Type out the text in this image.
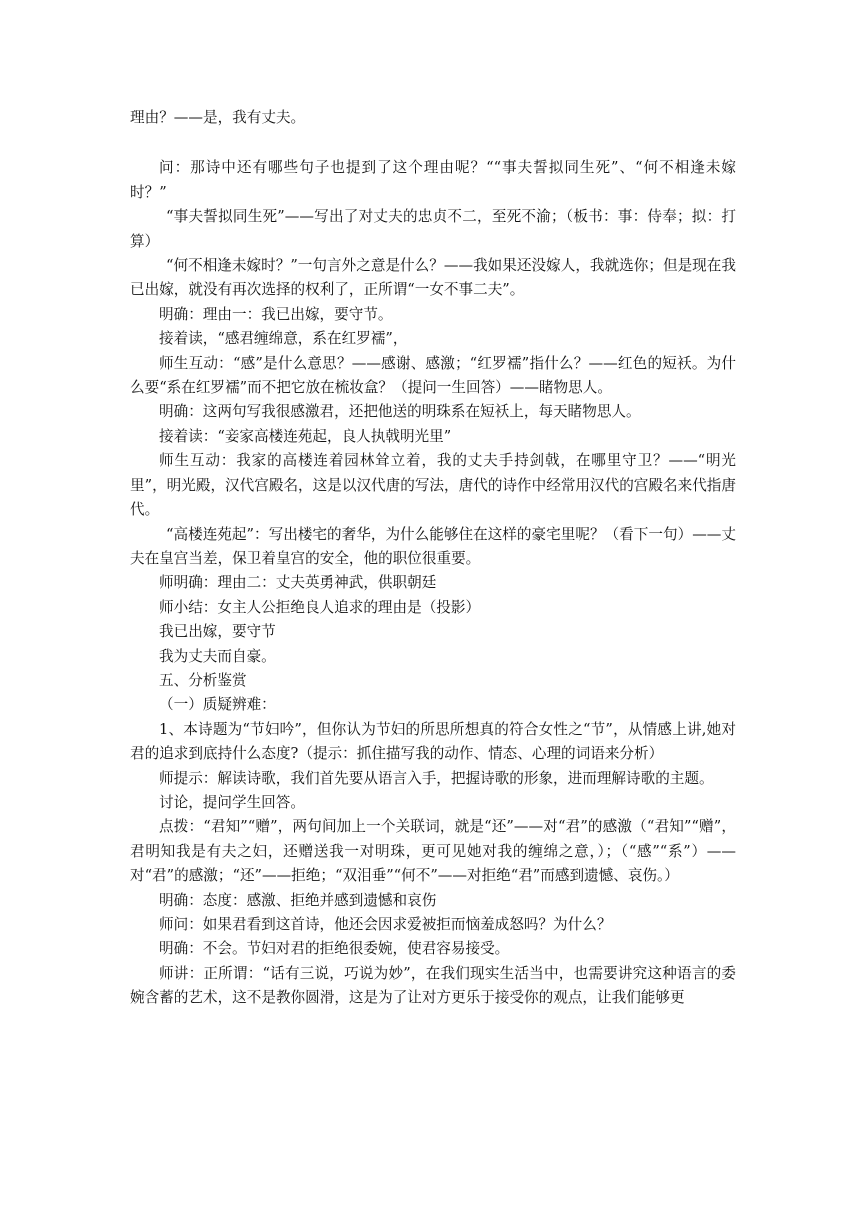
理由？——是，我有丈夫。

问：那诗中还有哪些句子也提到了这个理由呢？““事夫誓拟同生死”、“何不相逢未嫁时？”

“事夫誓拟同生死”——写出了对丈夫的忠贞不二，至死不渝；（板书：事：侍奉；拟：打算）

“何不相逢未嫁时？”一句言外之意是什么？——我如果还没嫁人，我就选你；但是现在我已出嫁，就没有再次选择的权利了，正所谓“一女不事二夫”。

明确：理由一：我已出嫁，要守节。

接着读，“感君缠绵意，系在红罗襦”，

师生互动：“感”是什么意思？——感谢、感激；“红罗襦”指什么？——红色的短袄。为什么要“系在红罗襦”而不把它放在梳妆盒？（提问一生回答）——睹物思人。

明确：这两句写我很感激君，还把他送的明珠系在短袄上，每天睹物思人。

接着读：“妾家高楼连苑起，良人执戟明光里”

师生互动：我家的高楼连着园林耸立着，我的丈夫手持剑戟，在哪里守卫？——“明光里”，明光殿，汉代宫殿名，这是以汉代唐的写法，唐代的诗作中经常用汉代的宫殿名来代指唐代。

“高楼连苑起”：写出楼宅的奢华，为什么能够住在这样的豪宅里呢？（看下一句）——丈夫在皇宫当差，保卫着皇宫的安全，他的职位很重要。

师明确：理由二：丈夫英勇神武，供职朝廷

师小结：女主人公拒绝良人追求的理由是（投影）

我已出嫁，要守节

我为丈夫而自豪。

五、分析鉴赏

（一）质疑辨难：

1、本诗题为“节妇吟”，但你认为节妇的所思所想真的符合女性之“节”，从情感上讲,她对君的追求到底持什么态度?（提示：抓住描写我的动作、情态、心理的词语来分析）

师提示：解读诗歌，我们首先要从语言入手，把握诗歌的形象，进而理解诗歌的主题。

讨论，提问学生回答。

点拨：“君知”“赠”，两句间加上一个关联词，就是“还”——对“君”的感激（“君知”“赠”，君明知我是有夫之妇，还赠送我一对明珠，更可见她对我的缠绵之意，）；（“感”“系”）——对“君”的感激；“还”——拒绝；“双泪垂”“何不”——对拒绝“君”而感到遗憾、哀伤。）

明确：态度：感激、拒绝并感到遗憾和哀伤

师问：如果君看到这首诗，他还会因求爱被拒而恼羞成怒吗？为什么？

明确：不会。节妇对君的拒绝很委婉，使君容易接受。

师讲：正所谓：“话有三说，巧说为妙”，在我们现实生活当中，也需要讲究这种语言的委婉含蓄的艺术，这不是教你圆滑，这是为了让对方更乐于接受你的观点，让我们能够更
